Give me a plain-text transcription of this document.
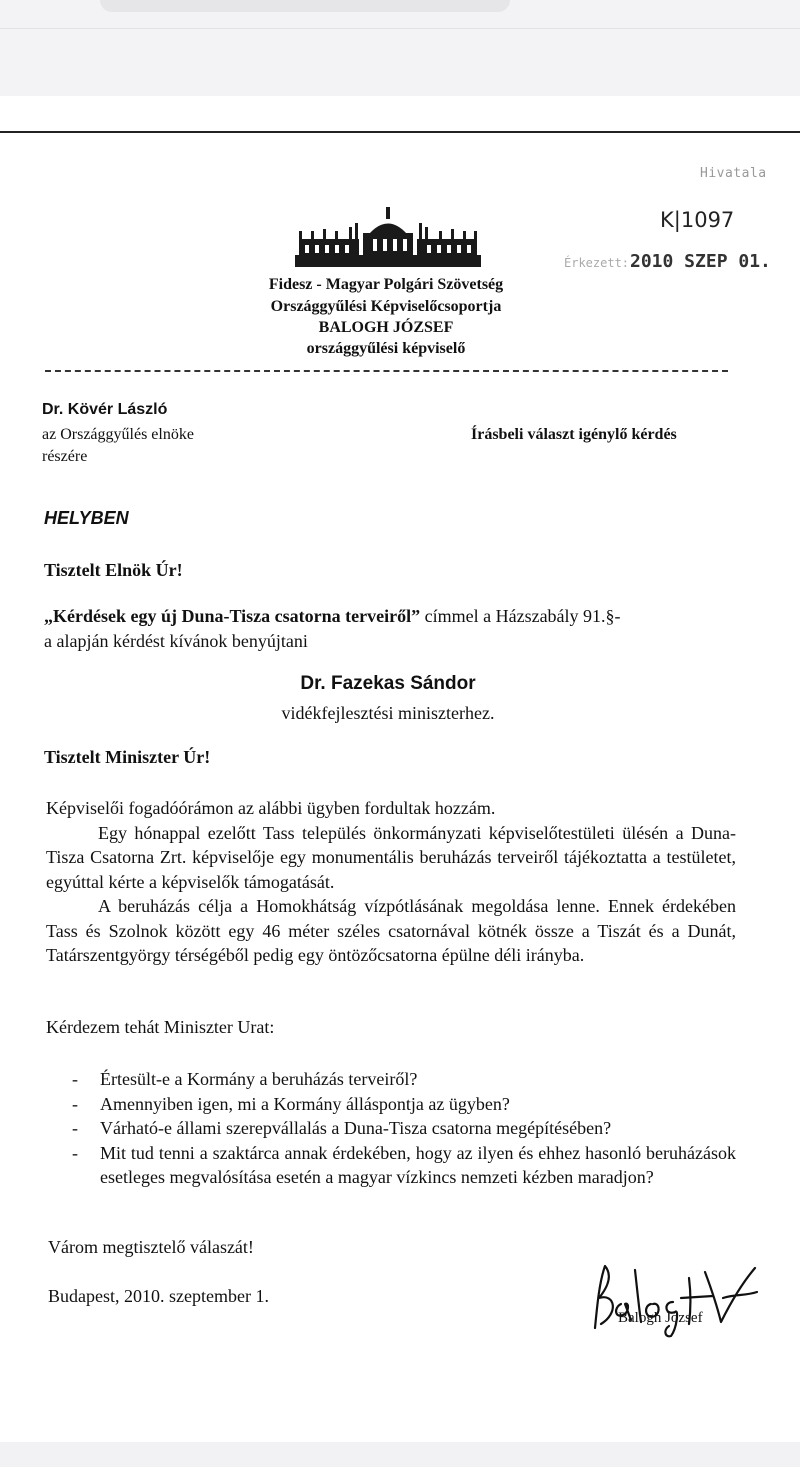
Hivatala
K|1097
Érkezett: 2010 SZEP 01.
Fidesz - Magyar Polgári Szövetség
Országgyűlési Képviselőcsoportja
BALOGH JÓZSEF
országgyűlési képviselő
Dr. Kövér László
az Országgyűlés elnöke
részére
Írásbeli választ igénylő kérdés
HELYBEN
Tisztelt Elnök Úr!
„Kérdések egy új Duna-Tisza csatorna terveiről” címmel a Házszabály 91.§-
a alapján kérdést kívánok benyújtani
Dr. Fazekas Sándor
vidékfejlesztési miniszterhez.
Tisztelt Miniszter Úr!

Képviselői fogadóórámon az alábbi ügyben fordultak hozzám.

Egy hónappal ezelőtt Tass település önkormányzati képviselőtestületi ülésén a Duna-Tisza Csatorna Zrt. képviselője egy monumentális beruházás terveiről tájékoztatta a testületet, egyúttal kérte a képviselők támogatását.

A beruházás célja a Homokhátság vízpótlásának megoldása lenne. Ennek érdekében Tass és Szolnok között egy 46 méter széles csatornával kötnék össze a Tiszát és a Dunát, Tatárszentgyörgy térségéből pedig egy öntözőcsatorna épülne déli irányba.

Kérdezem tehát Miniszter Urat:
- Értesült-e a Kormány a beruházás terveiről?
- Amennyiben igen, mi a Kormány álláspontja az ügyben?
- Várható-e állami szerepvállalás a Duna-Tisza csatorna megépítésében?
- Mit tud tenni a szaktárca annak érdekében, hogy az ilyen és ehhez hasonló beruházások esetleges megvalósítása esetén a magyar vízkincs nemzeti kézben maradjon?
Várom megtisztelő válaszát!
Budapest, 2010. szeptember 1.
Balogh József
